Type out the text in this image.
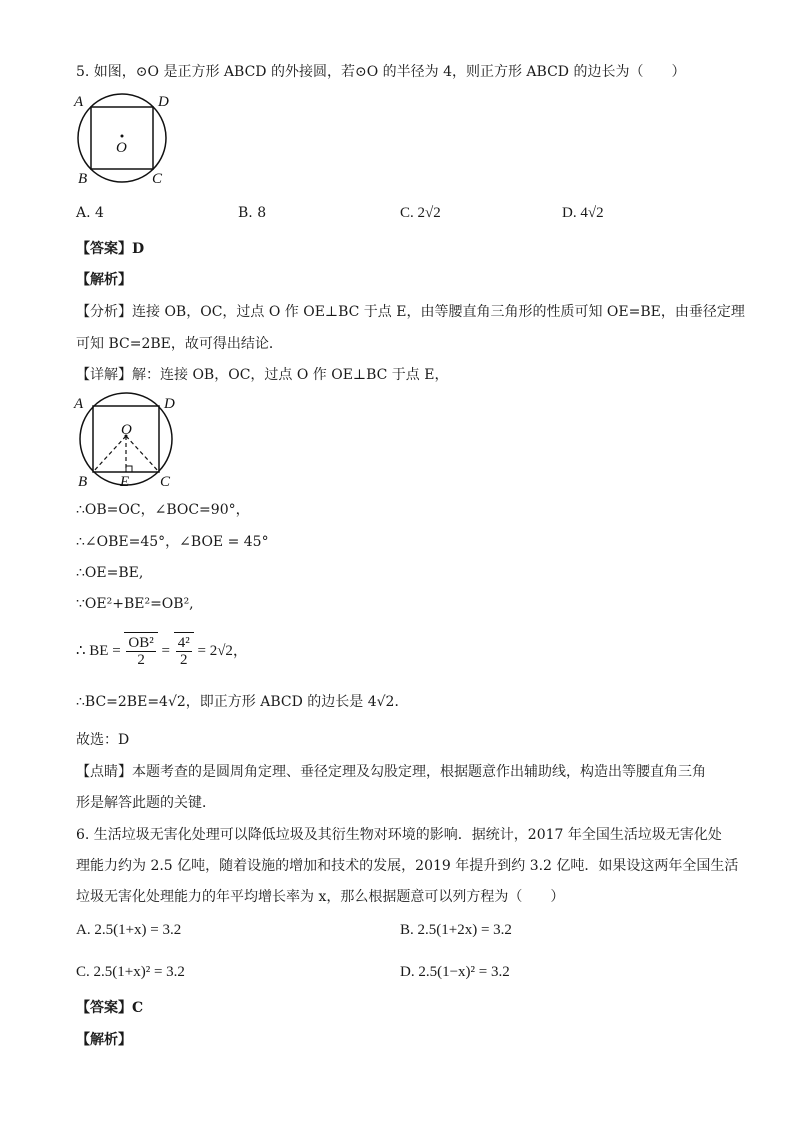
5. 如图，⊙O 是正方形 ABCD 的外接圆，若⊙O 的半径为 4，则正方形 ABCD 的边长为（　　）
A	D
O
B	C
A. 4	B. 8	C. 2√2	D. 4√2
【答案】D
【解析】
【分析】连接 OB，OC，过点 O 作 OE⊥BC 于点 E，由等腰直角三角形的性质可知 OE=BE，由垂径定理
可知 BC=2BE，故可得出结论．
【详解】解：连接 OB，OC，过点 O 作 OE⊥BC 于点 E，
A	D
O
B E C
∴OB=OC，∠BOC=90°，
∴∠OBE=45°，∠BOE = 45°
∴OE=BE,
∵OE²+BE²=OB²,
∴ BE = $\frac{\text{OB²}}{2} = \frac{\text{4²}}{2} = 2√2$，
∴BC=2BE=4√2，即正方形 ABCD 的边长是 4√2．
故选：D
【点睛】本题考查的是圆周角定理、垂径定理及勾股定理，根据题意作出辅助线，构造出等腰直角三角
形是解答此题的关键．
6. 生活垃圾无害化处理可以降低垃圾及其衍生物对环境的影响．据统计，2017 年全国生活垃圾无害化处
理能力约为 2.5 亿吨，随着设施的增加和技术的发展，2019 年提升到约 3.2 亿吨．如果设这两年全国生活
垃圾无害化处理能力的年平均增长率为 x，那么根据题意可以列方程为（　　）
A. 2.5(1+x) = 3.2	B. 2.5(1+2x) = 3.2
C. 2.5(1+x)² = 3.2	D. 2.5(1−x)² = 3.2
【答案】C
【解析】
